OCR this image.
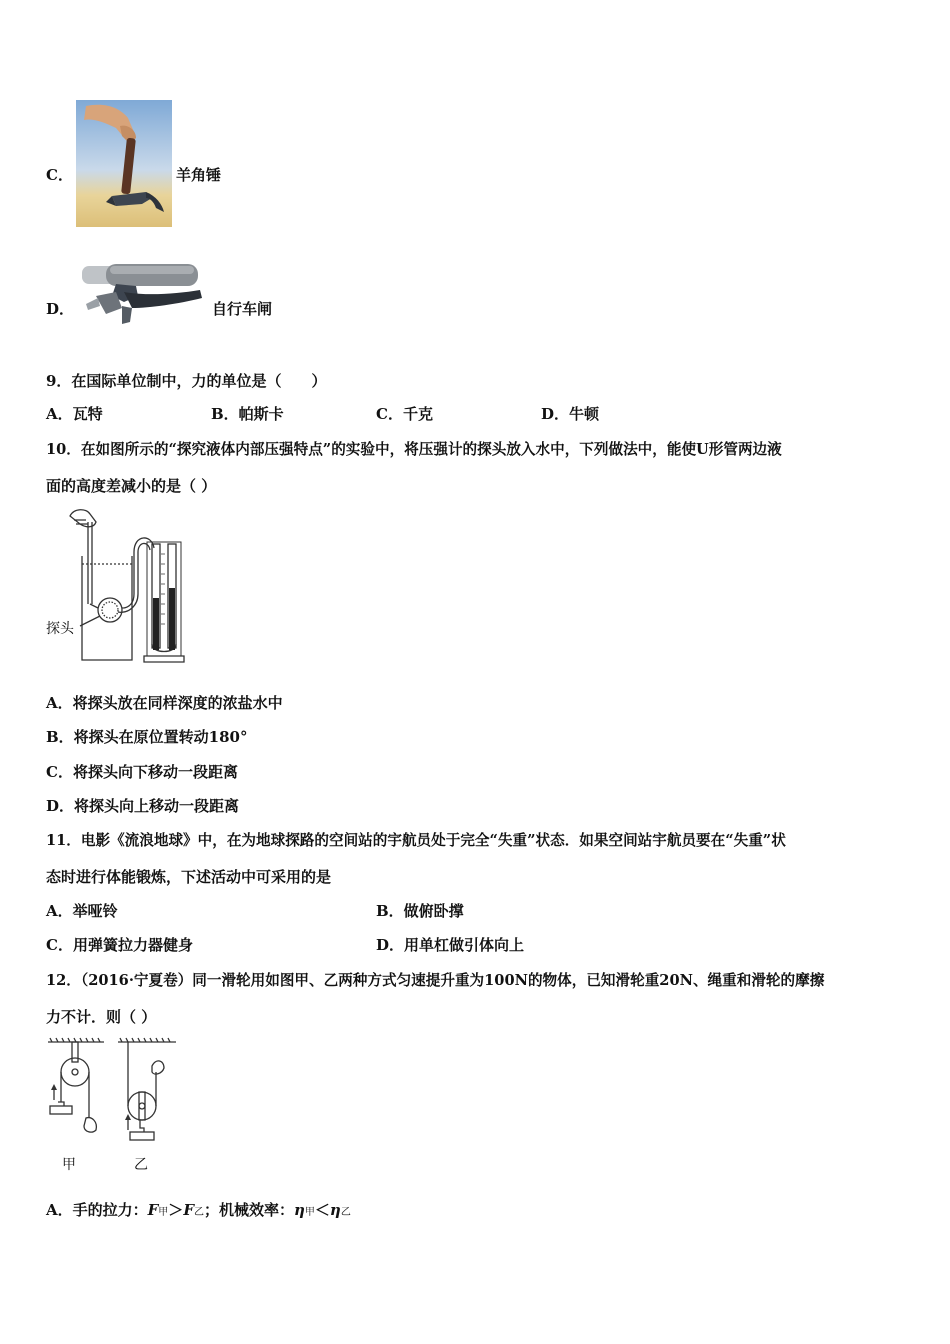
C．	羊角锤
D．	自行车闸
9．在国际单位制中，力的单位是（　　）
A．瓦特	B．帕斯卡	C．千克	D．牛顿
10．在如图所示的“探究液体内部压强特点”的实验中，将压强计的探头放入水中，下列做法中，能使U形管两边液
面的高度差减小的是（ ）
探头
A．将探头放在同样深度的浓盐水中
B．将探头在原位置转动180°
C．将探头向下移动一段距离
D．将探头向上移动一段距离
11．电影《流浪地球》中，在为地球探路的空间站的宇航员处于完全“失重”状态．如果空间站宇航员要在“失重”状
态时进行体能锻炼，下述活动中可采用的是
A．举哑铃	B．做俯卧撑
C．用弹簧拉力器健身	D．用单杠做引体向上
12．（2016·宁夏卷）同一滑轮用如图甲、乙两种方式匀速提升重为100N的物体，已知滑轮重20N、绳重和滑轮的摩擦
力不计．则（ ）
甲	乙
A．手的拉力：F甲＞F乙；机械效率：η甲＜η乙
